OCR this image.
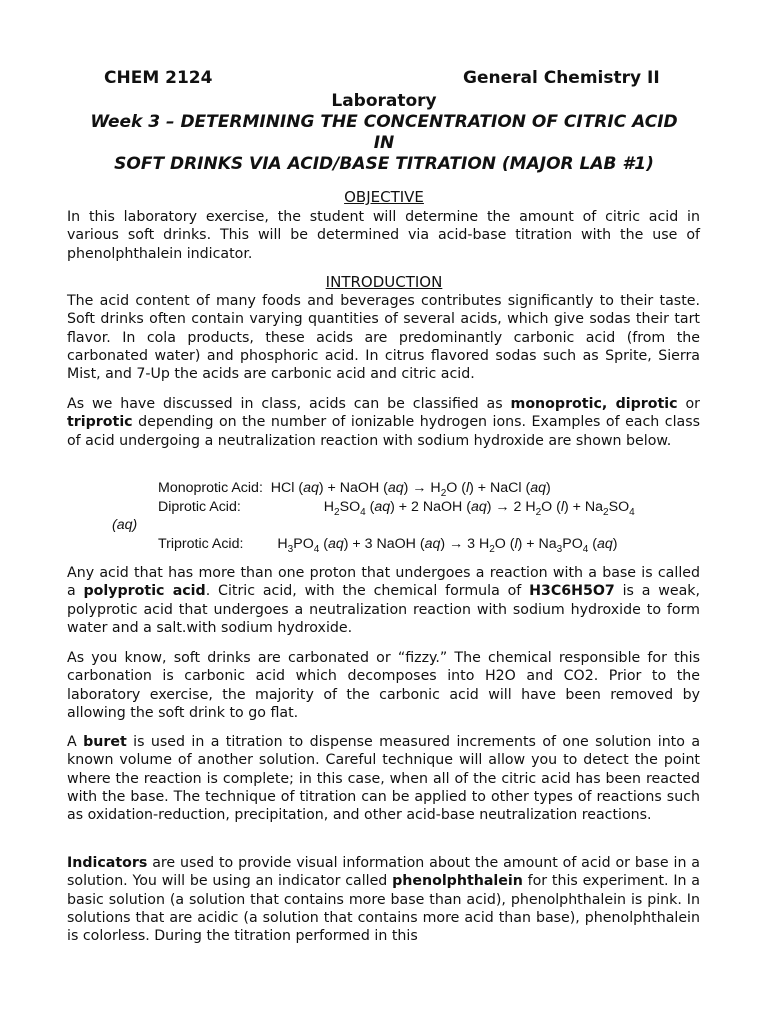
CHEM 2124	General Chemistry II
Laboratory
Week 3 – DETERMINING THE CONCENTRATION OF CITRIC ACID
IN
SOFT DRINKS VIA ACID/BASE TITRATION (MAJOR LAB #1)
OBJECTIVE

In this laboratory exercise, the student will determine the amount of citric acid in various soft drinks. This will be determined via acid-base titration with the use of phenolphthalein indicator.

INTRODUCTION

The acid content of many foods and beverages contributes significantly to their taste. Soft drinks often contain varying quantities of several acids, which give sodas their tart flavor. In cola products, these acids are predominantly carbonic acid (from the carbonated water) and phosphoric acid. In citrus flavored sodas such as Sprite, Sierra Mist, and 7-Up the acids are carbonic acid and citric acid.

As we have discussed in class, acids can be classified as monoprotic, diprotic or triprotic depending on the number of ionizable hydrogen ions. Examples of each class of acid undergoing a neutralization reaction with sodium hydroxide are shown below.

Monoprotic Acid:  HCl (aq) + NaOH $(aq) \to H_2O$ (l) + NaCl (aq)
Diprotic Acid:	$H_2SO_4$ (aq) + 2 NaOH (aq) → 2 $H_2O$ $(l) + Na_2SO_4$
(aq)
Triprotic Acid: $H_3PO_4$ (aq) + 3 NaOH (aq) → 3 $H_2O$ $(l) + Na_3PO_4$ (aq)

Any acid that has more than one proton that undergoes a reaction with a base is called a polyprotic acid. Citric acid, with the chemical formula of H3C6H5O7 is a weak, polyprotic acid that undergoes a neutralization reaction with sodium hydroxide to form water and a salt.with sodium hydroxide.

As you know, soft drinks are carbonated or “fizzy.” The chemical responsible for this carbonation is carbonic acid which decomposes into H2O and CO2. Prior to the laboratory exercise, the majority of the carbonic acid will have been removed by allowing the soft drink to go flat.

A buret is used in a titration to dispense measured increments of one solution into a known volume of another solution. Careful technique will allow you to detect the point where the reaction is complete; in this case, when all of the citric acid has been reacted with the base. The technique of titration can be applied to other types of reactions such as oxidation-reduction, precipitation, and other acid-base neutralization reactions.

Indicators are used to provide visual information about the amount of acid or base in a solution. You will be using an indicator called phenolphthalein for this experiment. In a basic solution (a solution that contains more base than acid), phenolphthalein is pink. In solutions that are acidic (a solution that contains more acid than base), phenolphthalein is colorless. During the titration performed in this
